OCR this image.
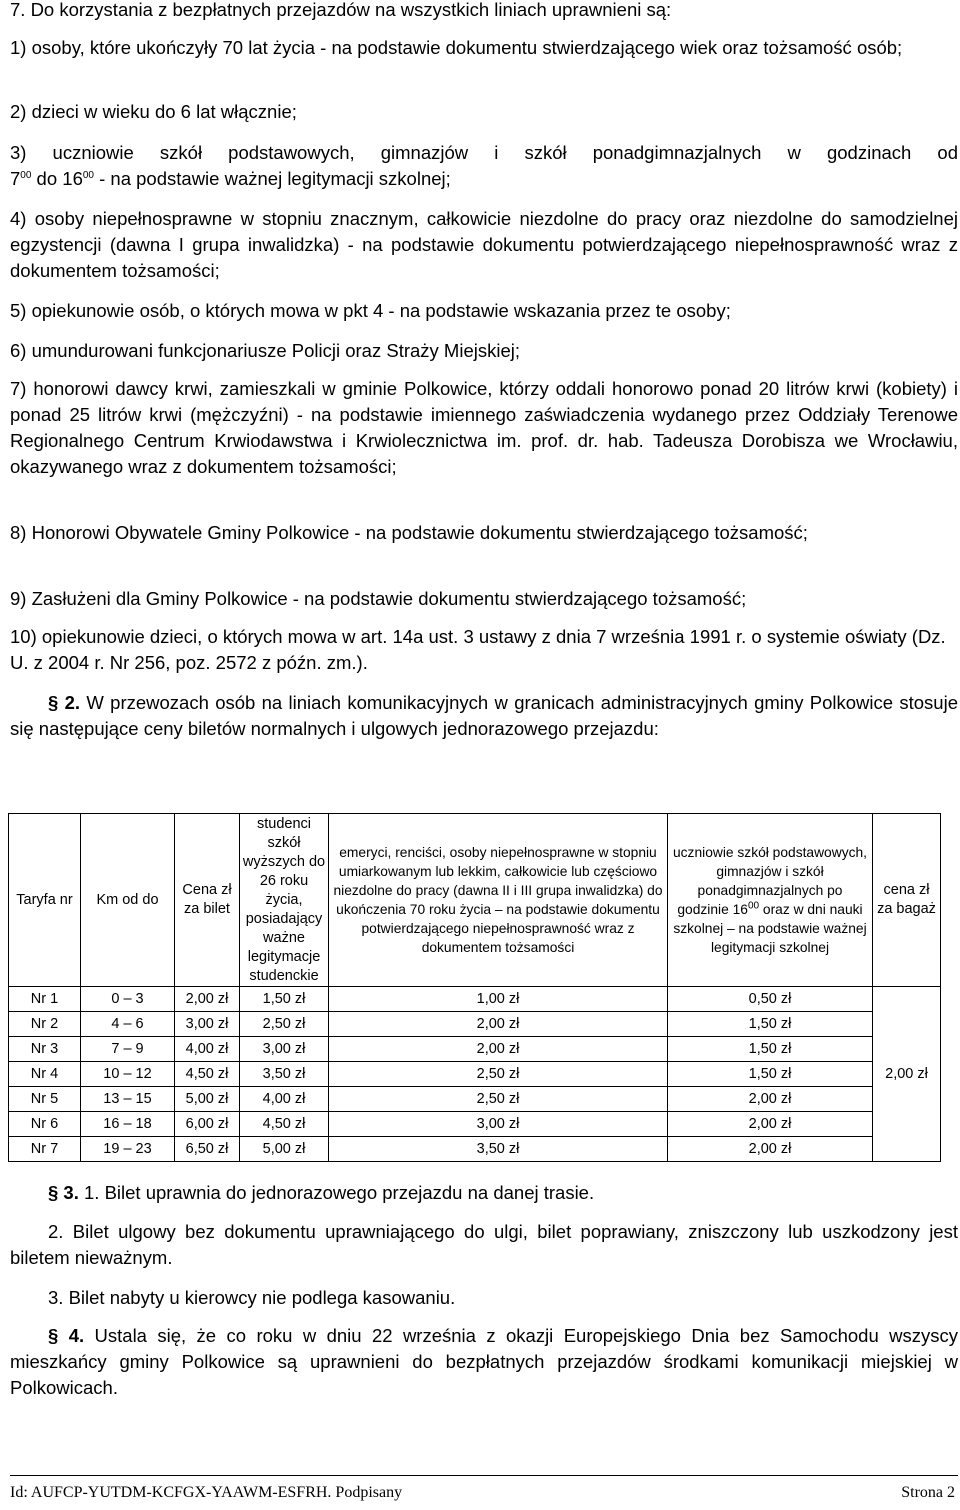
7. Do korzystania z bezpłatnych przejazdów na wszystkich liniach uprawnieni są:
1) osoby, które ukończyły 70 lat życia - na podstawie dokumentu stwierdzającego wiek oraz tożsamość osób;
2) dzieci w wieku do 6 lat włącznie;
3) uczniowie szkół podstawowych, gimnazjów i szkół ponadgimnazjalnych w godzinach od
$7^{00}$ do $16^{00}$ - na podstawie ważnej legitymacji szkolnej;
4) osoby niepełnosprawne w stopniu znacznym, całkowicie niezdolne do pracy oraz niezdolne do samodzielnej egzystencji (dawna I grupa inwalidzka) - na podstawie dokumentu potwierdzającego niepełnosprawność wraz z dokumentem tożsamości;
5) opiekunowie osób, o których mowa w pkt 4 - na podstawie wskazania przez te osoby;
6) umundurowani funkcjonariusze Policji oraz Straży Miejskiej;
7) honorowi dawcy krwi, zamieszkali w gminie Polkowice, którzy oddali honorowo ponad 20 litrów krwi (kobiety) i ponad 25 litrów krwi (mężczyźni) - na podstawie imiennego zaświadczenia wydanego przez Oddziały Terenowe Regionalnego Centrum Krwiodawstwa i Krwiolecznictwa im. prof. dr. hab. Tadeusza Dorobisza we Wrocławiu, okazywanego wraz z dokumentem tożsamości;
8) Honorowi Obywatele Gminy Polkowice - na podstawie dokumentu stwierdzającego tożsamość;
9) Zasłużeni dla Gminy Polkowice - na podstawie dokumentu stwierdzającego tożsamość;
10) opiekunowie dzieci, o których mowa w art. 14a ust. 3 ustawy z dnia 7 września 1991 r. o systemie oświaty (Dz. U. z 2004 r. Nr 256, poz. 2572 z późn. zm.).
§ 2. W przewozach osób na liniach komunikacyjnych w granicach administracyjnych gminy Polkowice stosuje się następujące ceny biletów normalnych i ulgowych jednorazowego przejazdu:
Taryfa nr	Km od do	Cena zł za bilet	studenci szkół wyższych do 26 roku życia, posiadający ważne legitymacje studenckie	emeryci, renciści, osoby niepełnosprawne w stopniu umiarkowanym lub lekkim, całkowicie lub częściowo niezdolne do pracy (dawna II i III grupa inwalidzka) do ukończenia 70 roku życia – na podstawie dokumentu potwierdzającego niepełnosprawność wraz z dokumentem tożsamości	uczniowie szkół podstawowych, gimnazjów i szkół ponadgimnazjalnych po godzinie $16^{00}$ oraz w dni nauki szkolnej – na podstawie ważnej legitymacji szkolnej	cena zł za bagaż
Nr 1	0 – 3	2,00 zł	1,50 zł	1,00 zł	0,50 zł	2,00 zł
Nr 2	4 – 6	3,00 zł	2,50 zł	2,00 zł	1,50 zł	
Nr 3	7 – 9	4,00 zł	3,00 zł	2,00 zł	1,50 zł	
Nr 4	10 – 12	4,50 zł	3,50 zł	2,50 zł	1,50 zł	
Nr 5	13 – 15	5,00 zł	4,00 zł	2,50 zł	2,00 zł	
Nr 6	16 – 18	6,00 zł	4,50 zł	3,00 zł	2,00 zł	
Nr 7	19 – 23	6,50 zł	5,00 zł	3,50 zł	2,00 zł	
§ 3. 1. Bilet uprawnia do jednorazowego przejazdu na danej trasie.
2. Bilet ulgowy bez dokumentu uprawniającego do ulgi, bilet poprawiany, zniszczony lub uszkodzony jest biletem nieważnym.
3. Bilet nabyty u kierowcy nie podlega kasowaniu.
§ 4. Ustala się, że co roku w dniu 22 września z okazji Europejskiego Dnia bez Samochodu wszyscy mieszkańcy gminy Polkowice są uprawnieni do bezpłatnych przejazdów środkami komunikacji miejskiej w Polkowicach.
Id: AUFCP-YUTDM-KCFGX-YAAWM-ESFRH. Podpisany	Strona 2
